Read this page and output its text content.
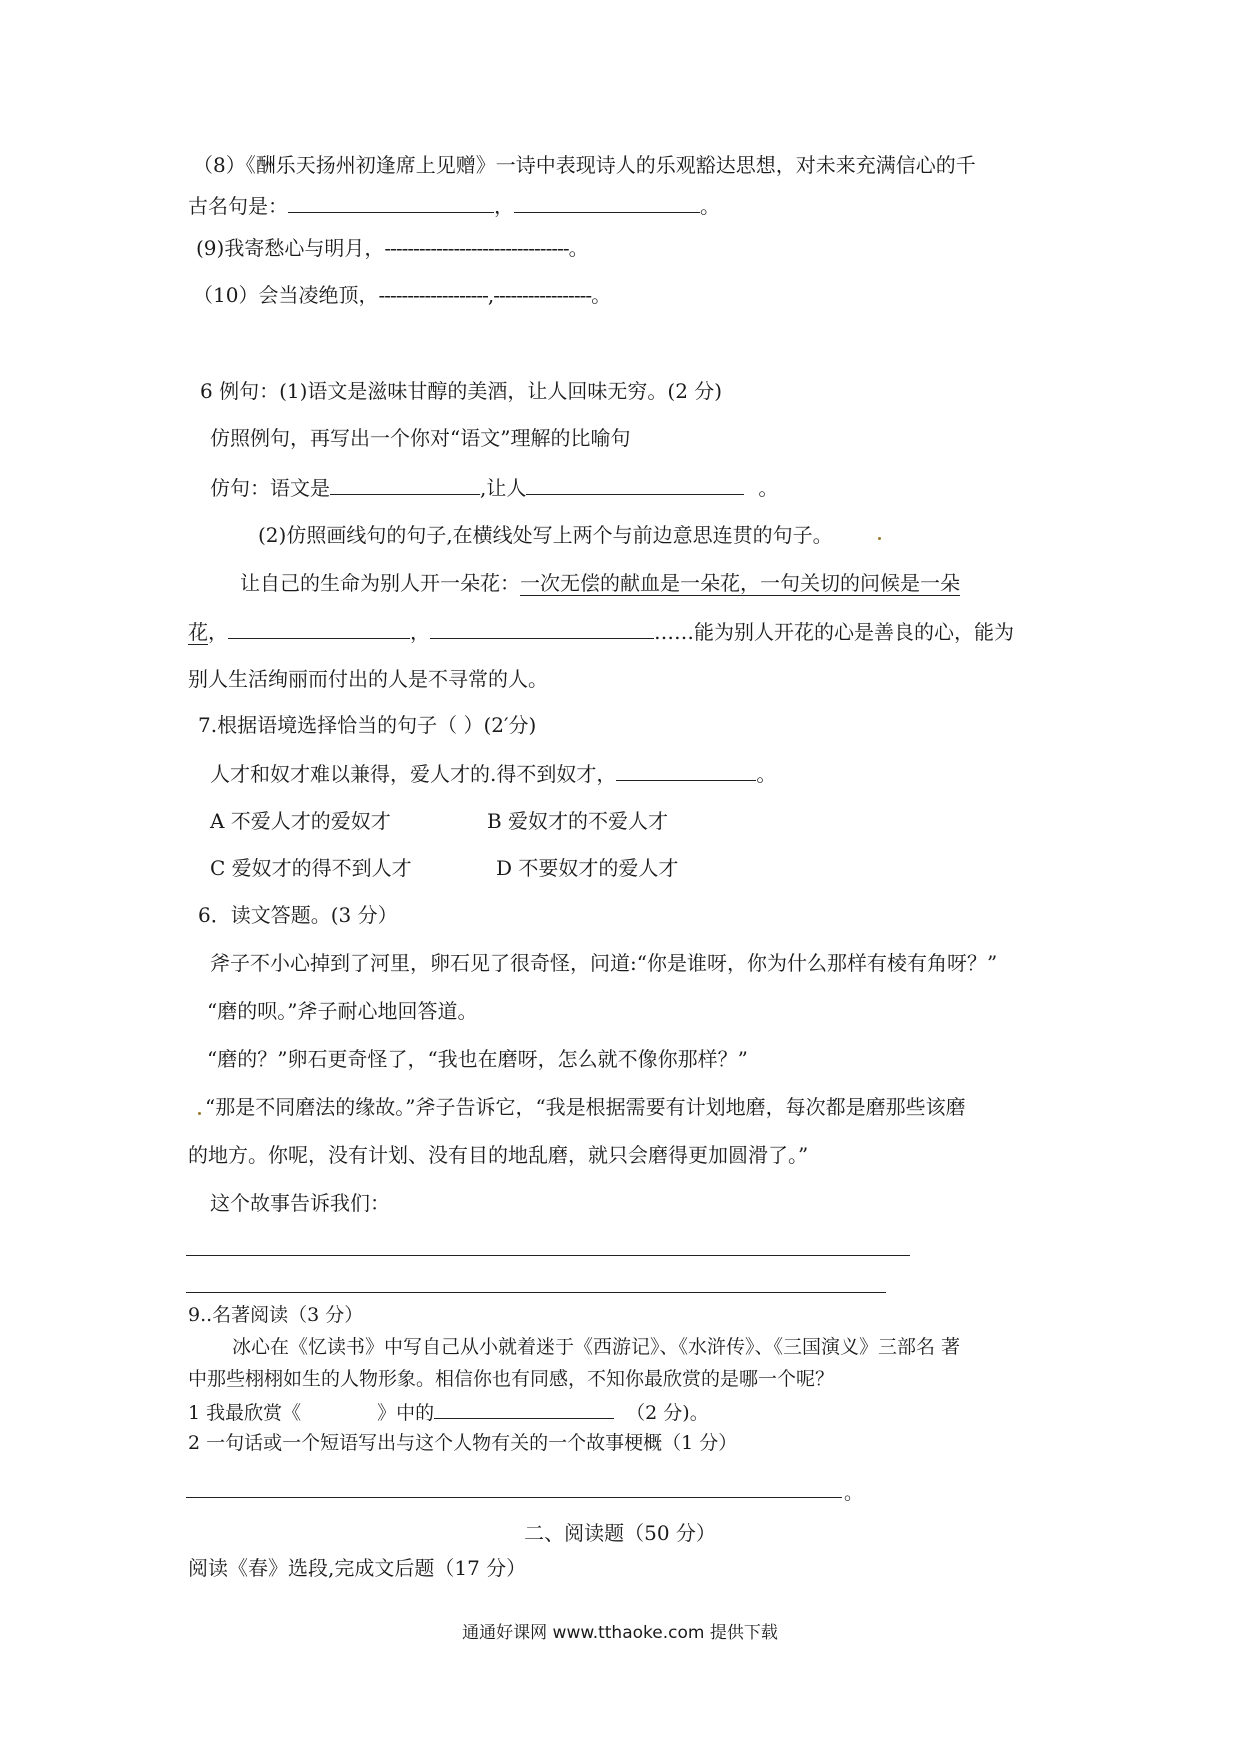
（8）《酬乐天扬州初逢席上见赠》一诗中表现诗人的乐观豁达思想，对未来充满信心的千
古名句是：	，	。
(9)我寄愁心与明月，--------------------------------。
（10）会当凌绝顶，-------------------,-----------------。
6 例句：(1)语文是滋味甘醇的美酒，让人回味无穷。(2 分)
仿照例句，再写出一个你对“语文”理解的比喻句
仿句：语文是	,让人	。
(2)仿照画线句的句子,在横线处写上两个与前边意思连贯的句子。
让自己的生命为别人开一朵花：一次无偿的献血是一朵花，一句关切的问候是一朵
花，	，	……能为别人开花的心是善良的心，能为
别人生活绚丽而付出的人是不寻常的人。
7.根据语境选择恰当的句子（ ）(2′分)
人才和奴才难以兼得，爱人才的.得不到奴才，	。
A 不爱人才的爱奴才	B 爱奴才的不爱人才
C 爱奴才的得不到人才	D 不要奴才的爱人才
6．读文答题。(3 分）
斧子不小心掉到了河里，卵石见了很奇怪，问道:“你是谁呀，你为什么那样有棱有角呀？”
“磨的呗。”斧子耐心地回答道。
“磨的？”卵石更奇怪了，“我也在磨呀，怎么就不像你那样？”
“那是不同磨法的缘故。”斧子告诉它，“我是根据需要有计划地磨，每次都是磨那些该磨
的地方。你呢，没有计划、没有目的地乱磨，就只会磨得更加圆滑了。”
这个故事告诉我们：
9..名著阅读（3 分）
冰心在《忆读书》中写自己从小就着迷于《西游记》、《水浒传》、《三国演义》三部名 著
中那些栩栩如生的人物形象。相信你也有同感，不知你最欣赏的是哪一个呢？
1 我最欣赏《	》中的	（2 分)。
2 一句话或一个短语写出与这个人物有关的一个故事梗概（1 分）
。
二、阅读题（50 分）
阅读《春》选段,完成文后题（17 分）
通通好课网 www.tthaoke.com 提供下载
